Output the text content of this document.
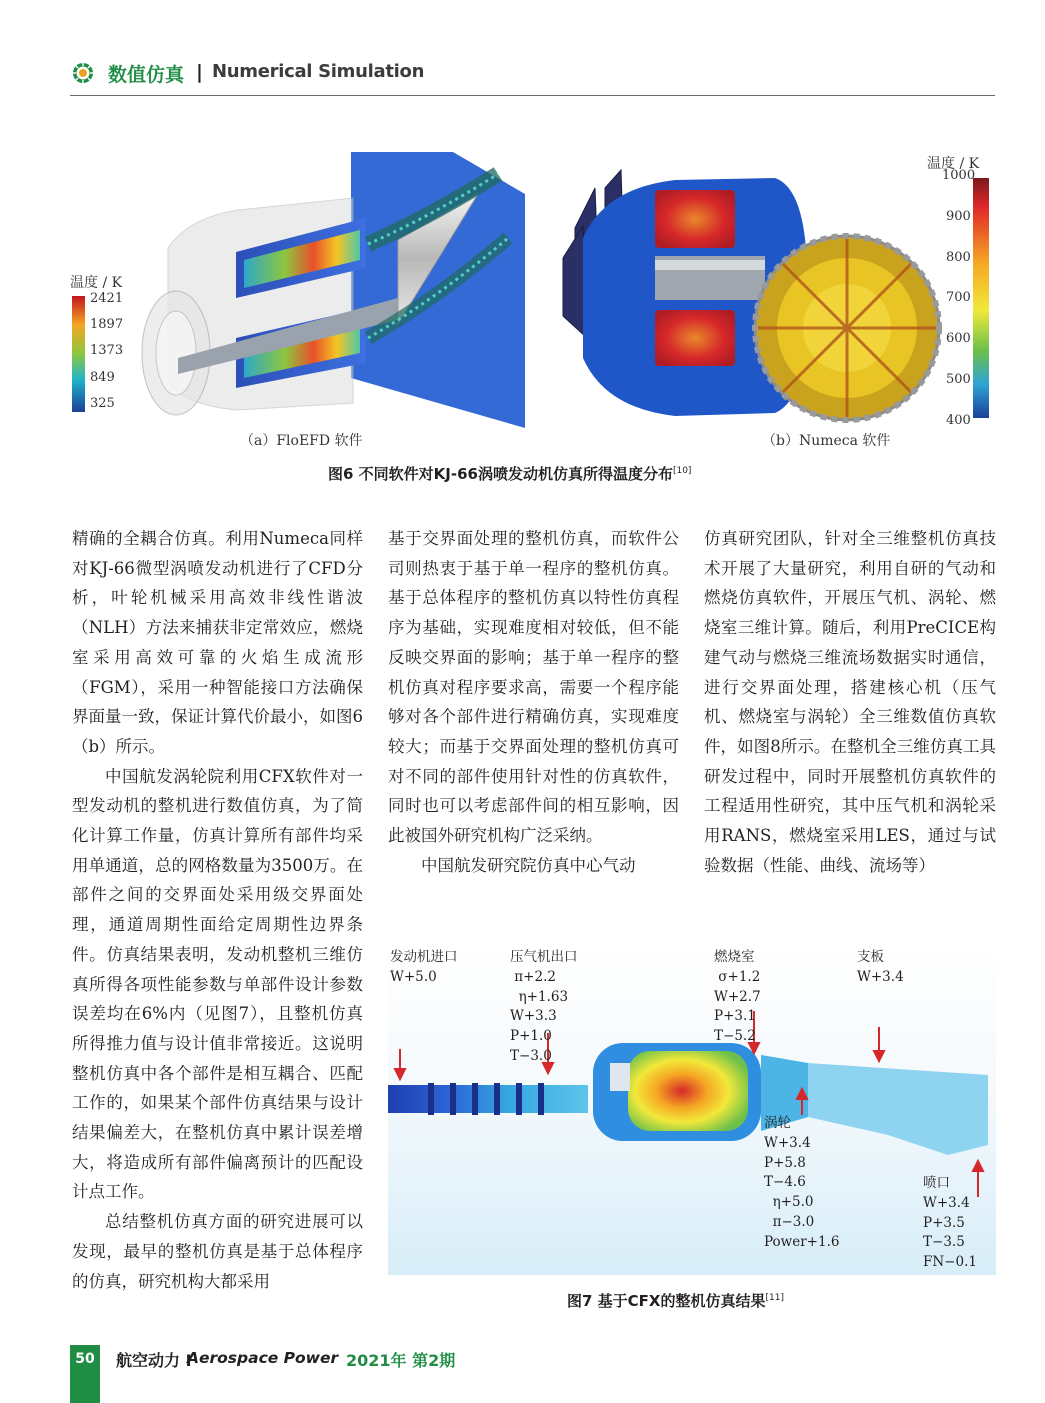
数值仿真 | Numerical Simulation
温度 / K
2421
1897
1373
849
325
温度 / K
1000
900
800
700
600
500
400
（a）FloEFD 软件	（b）Numeca 软件
图6 不同软件对KJ-66涡喷发动机仿真所得温度分布[10]

精确的全耦合仿真。利用Numeca同样对KJ-66微型涡喷发动机进行了CFD分析，叶轮机械采用高效非线性谐波（NLH）方法来捕获非定常效应，燃烧室采用高效可靠的火焰生成流形（FGM），采用一种智能接口方法确保界面量一致，保证计算代价最小，如图6（b）所示。

中国航发涡轮院利用CFX软件对一型发动机的整机进行数值仿真，为了简化计算工作量，仿真计算所有部件均采用单通道，总的网格数量为3500万。在部件之间的交界面处采用级交界面处理，通道周期性面给定周期性边界条件。仿真结果表明，发动机整机三维仿真所得各项性能参数与单部件设计参数误差均在6%内（见图7），且整机仿真所得推力值与设计值非常接近。这说明整机仿真中各个部件是相互耦合、匹配工作的，如果某个部件仿真结果与设计结果偏差大，在整机仿真中累计误差增大，将造成所有部件偏离预计的匹配设计点工作。

总结整机仿真方面的研究进展可以发现，最早的整机仿真是基于总体程序的仿真，研究机构大都采用

基于交界面处理的整机仿真，而软件公司则热衷于基于单一程序的整机仿真。基于总体程序的整机仿真以特性仿真程序为基础，实现难度相对较低，但不能反映交界面的影响；基于单一程序的整机仿真对程序要求高，需要一个程序能够对各个部件进行精确仿真，实现难度较大；而基于交界面处理的整机仿真可对不同的部件使用针对性的仿真软件，同时也可以考虑部件间的相互影响，因此被国外研究机构广泛采纳。

中国航发研究院仿真中心气动

仿真研究团队，针对全三维整机仿真技术开展了大量研究，利用自研的气动和燃烧仿真软件，开展压气机、涡轮、燃烧室三维计算。随后，利用PreCICE构建气动与燃烧三维流场数据实时通信，进行交界面处理，搭建核心机（压气机、燃烧室与涡轮）全三维数值仿真软件，如图8所示。在整机全三维仿真工具研发过程中，同时开展整机仿真软件的工程适用性研究，其中压气机和涡轮采用RANS，燃烧室采用LES，通过与试验数据（性能、曲线、流场等）

发动机进口
W+5.0
压气机出口
π+2.2
η+1.63
W+3.3
P+1.0
T−3.0
燃烧室
σ+1.2
W+2.7
P+3.1
T−5.2
支板
W+3.4
涡轮
W+3.4
P+5.8
T−4.6
η+5.0
π−3.0
Power+1.6
喷口
W+3.4
P+3.5
T−3.5
FN−0.1
图7 基于CFX的整机仿真结果[11]
50	航空动力 I
Aerospace Power 2021年 第2期
